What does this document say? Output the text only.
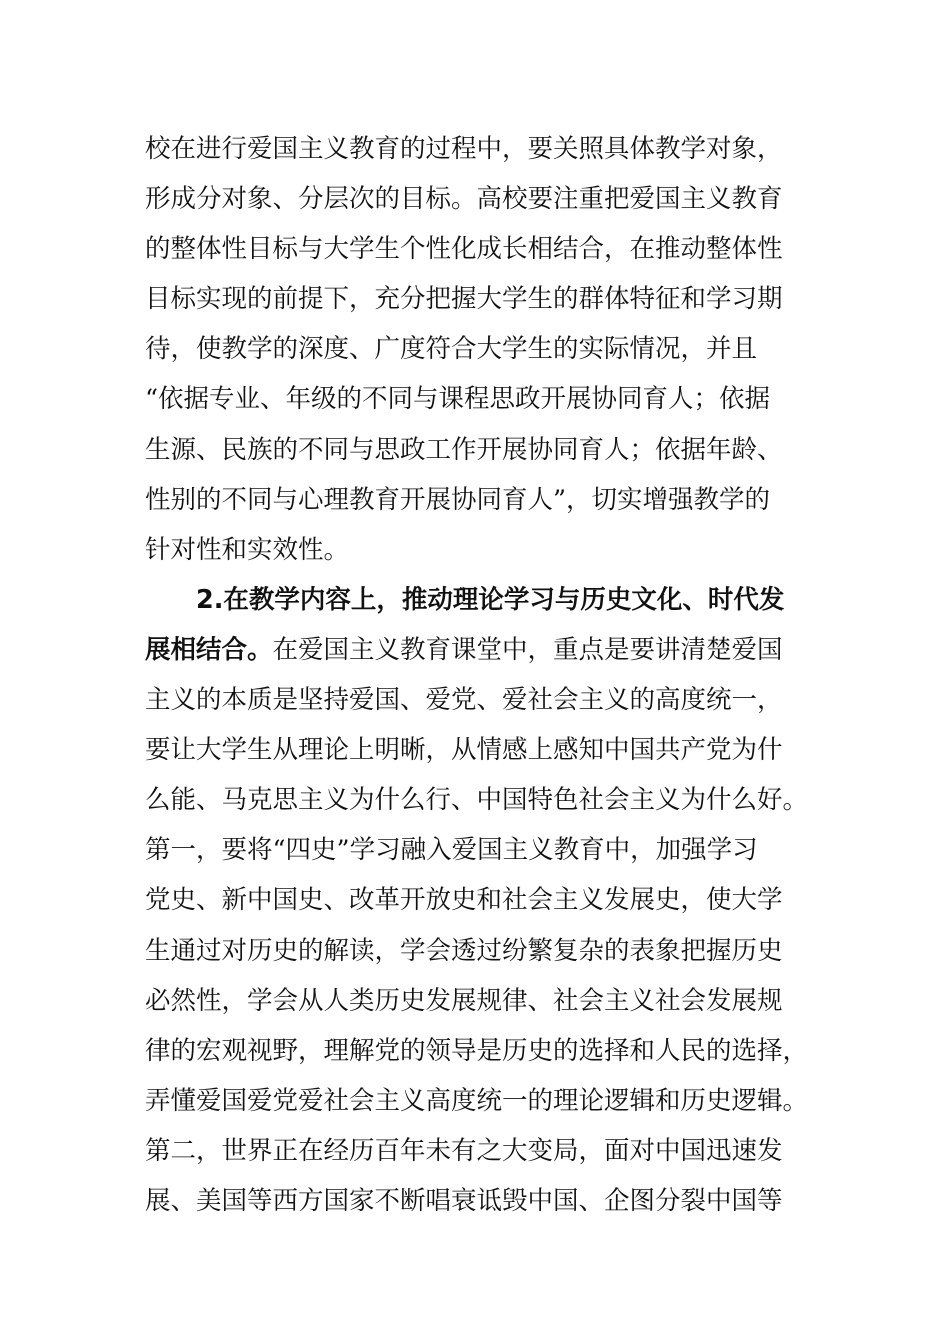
校在进行爱国主义教育的过程中，要关照具体教学对象，
形成分对象、分层次的目标。高校要注重把爱国主义教育
的整体性目标与大学生个性化成长相结合，在推动整体性
目标实现的前提下，充分把握大学生的群体特征和学习期
待，使教学的深度、广度符合大学生的实际情况，并且
“依据专业、年级的不同与课程思政开展协同育人；依据
生源、民族的不同与思政工作开展协同育人；依据年龄、
性别的不同与心理教育开展协同育人”，切实增强教学的
针对性和实效性。
2.在教学内容上，推动理论学习与历史文化、时代发
展相结合。在爱国主义教育课堂中，重点是要讲清楚爱国
主义的本质是坚持爱国、爱党、爱社会主义的高度统一，
要让大学生从理论上明晰，从情感上感知中国共产党为什
么能、马克思主义为什么行、中国特色社会主义为什么好。
第一，要将“四史”学习融入爱国主义教育中，加强学习
党史、新中国史、改革开放史和社会主义发展史，使大学
生通过对历史的解读，学会透过纷繁复杂的表象把握历史
必然性，学会从人类历史发展规律、社会主义社会发展规
律的宏观视野，理解党的领导是历史的选择和人民的选择，
弄懂爱国爱党爱社会主义高度统一的理论逻辑和历史逻辑。
第二，世界正在经历百年未有之大变局，面对中国迅速发
展、美国等西方国家不断唱衰诋毁中国、企图分裂中国等
